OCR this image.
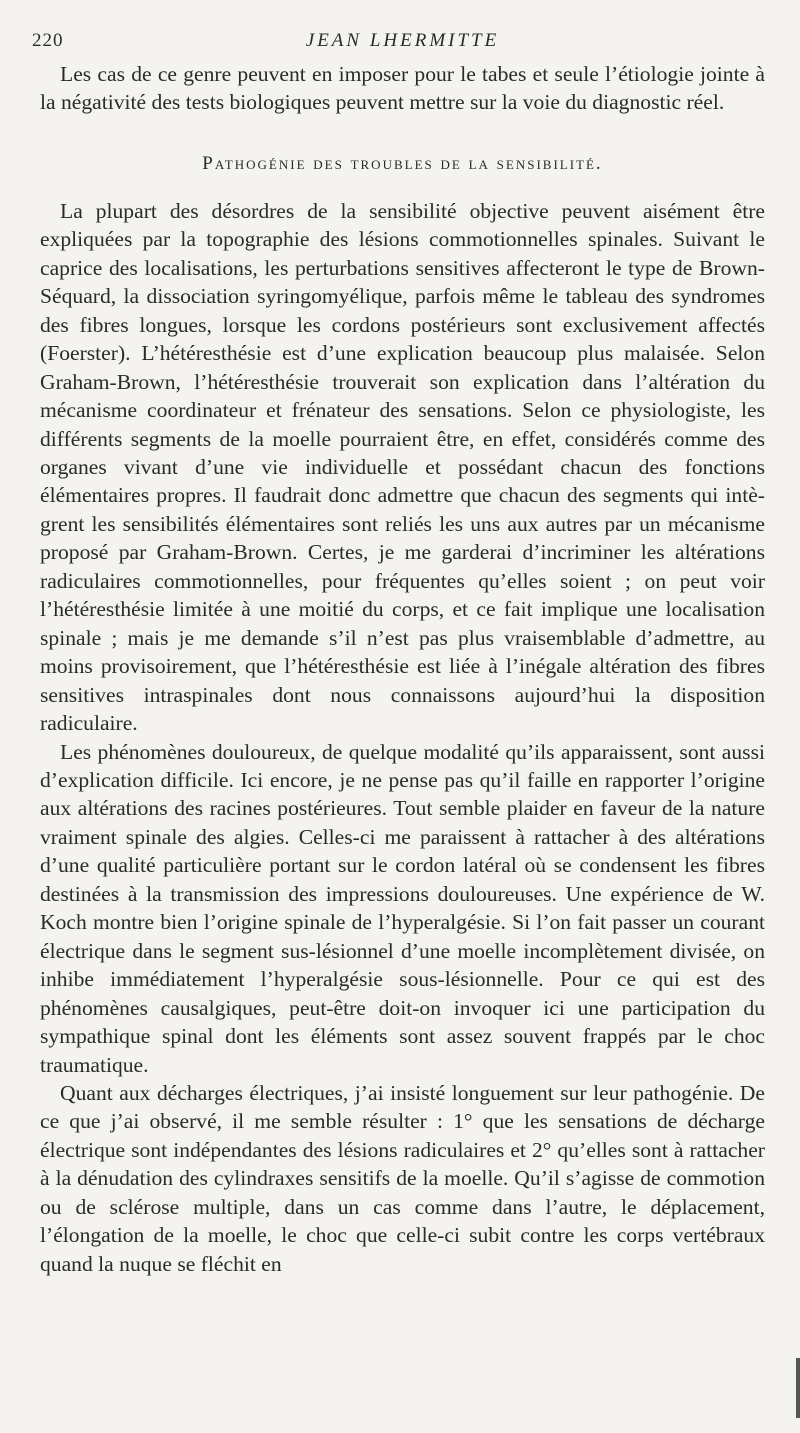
220	JEAN LHERMITTE

Les cas de ce genre peuvent en imposer pour le tabes et seule l’étiologie jointe à la négativité des tests biologiques peuvent mettre sur la voie du diagnostic réel.

Pathogénie des troubles de la sensibilité.

La plupart des désordres de la sensibilité objective peuvent aisément être expliquées par la topographie des lésions commotionnelles spinales. Suivant le caprice des localisations, les perturbations sensitives affecteront le type de Brown-Séquard, la dissociation syringomyélique, parfois même le tableau des syndromes des fibres longues, lorsque les cordons postérieurs sont exclusivement affectés (Foerster). L’hétéresthésie est d’une explication beaucoup plus malaisée. Selon Graham-Brown, l’hétéresthésie trouverait son explication dans l’altération du mécanisme coordinateur et frénateur des sensations. Selon ce physiologiste, les différents segments de la moelle pourraient être, en effet, considérés comme des organes vivant d’une vie individuelle et possédant chacun des fonctions élémentaires propres. Il faudrait donc admettre que chacun des segments qui intègrent les sensibilités élémentaires sont reliés les uns aux autres par un mécanisme proposé par Graham-Brown. Certes, je me garderai d’incriminer les altérations radiculaires commotionnelles, pour fréquentes qu’elles soient ; on peut voir l’hétéresthésie limitée à une moitié du corps, et ce fait implique une localisation spinale ; mais je me demande s’il n’est pas plus vraisemblable d’admettre, au moins provisoirement, que l’hétéresthésie est liée à l’inégale altération des fibres sensitives intraspinales dont nous connaissons aujourd’hui la disposition radiculaire.

Les phénomènes douloureux, de quelque modalité qu’ils apparaissent, sont aussi d’explication difficile. Ici encore, je ne pense pas qu’il faille en rapporter l’origine aux altérations des racines postérieures. Tout semble plaider en faveur de la nature vraiment spinale des algies. Celles-ci me paraissent à rattacher à des altérations d’une qualité particulière portant sur le cordon latéral où se condensent les fibres destinées à la transmission des impressions douloureuses. Une expérience de W. Koch montre bien l’origine spinale de l’hyperalgésie. Si l’on fait passer un courant électrique dans le segment sus-lésionnel d’une moelle incomplètement divisée, on inhibe immédiatement l’hyperalgésie sous-lésionnelle. Pour ce qui est des phénomènes causalgiques, peut-être doit-on invoquer ici une participation du sympathique spinal dont les éléments sont assez souvent frappés par le choc traumatique.

Quant aux décharges électriques, j’ai insisté longuement sur leur pathogénie. De ce que j’ai observé, il me semble résulter : 1° que les sensations de décharge électrique sont indépendantes des lésions radiculaires et 2° qu’elles sont à rattacher à la dénudation des cylindraxes sensitifs de la moelle. Qu’il s’agisse de commotion ou de sclérose multiple, dans un cas comme dans l’autre, le déplacement, l’élongation de la moelle, le choc que celle-ci subit contre les corps vertébraux quand la nuque se fléchit en
